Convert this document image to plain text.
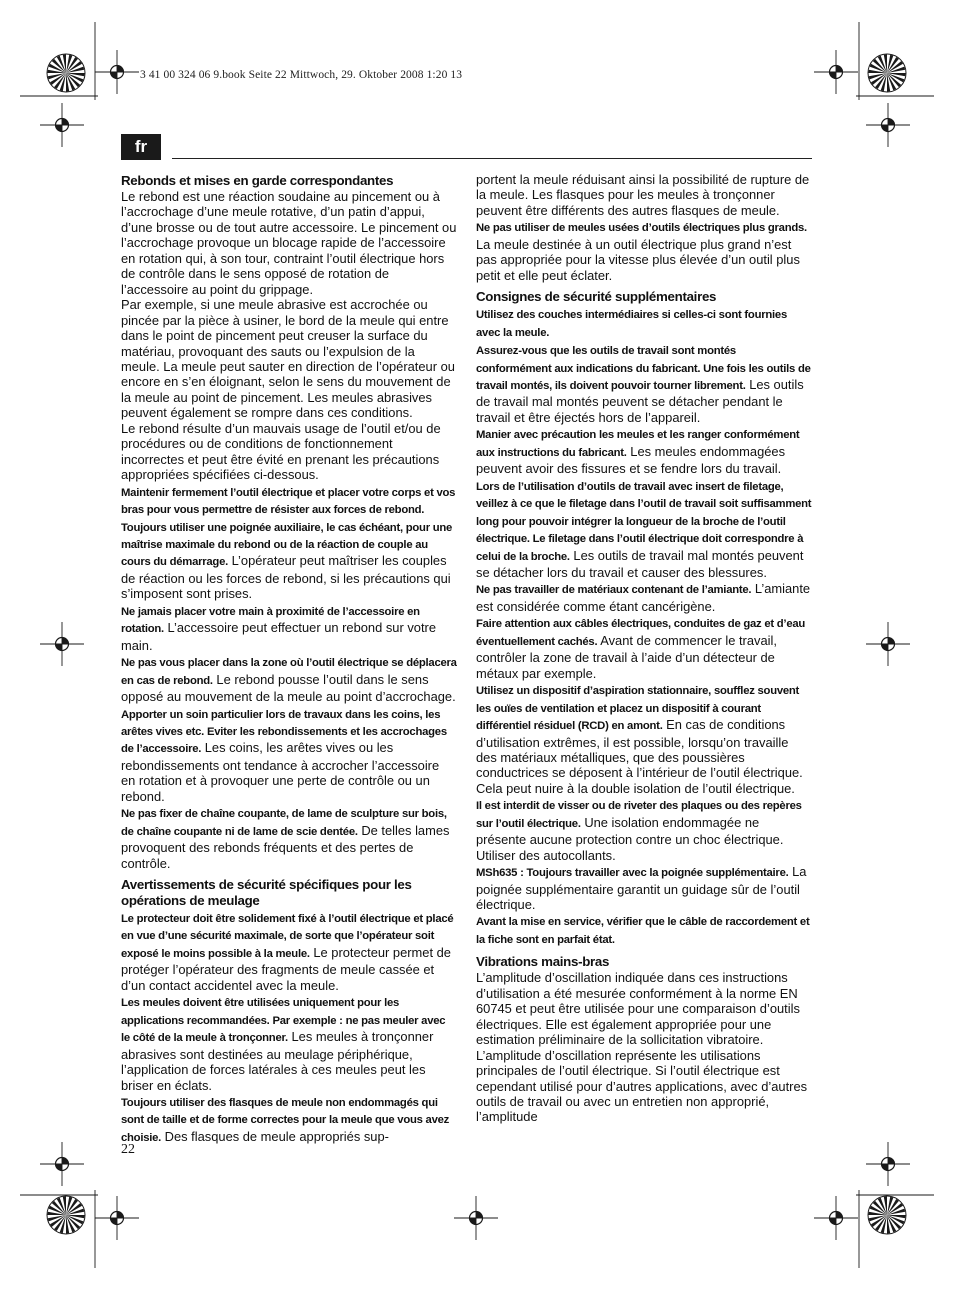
3 41 00 324 06 9.book Seite 22 Mittwoch, 29. Oktober 2008 1:20 13
fr
Rebonds et mises en garde correspondantes

Le rebond est une réaction soudaine au pincement ou à l’accrochage d’une meule rotative, d’un patin d’appui, d’une brosse ou de tout autre accessoire. Le pincement ou l’accrochage provoque un blocage rapide de l’accessoire en rotation qui, à son tour, contraint l’outil électrique hors de contrôle dans le sens opposé de rotation de l’accessoire au point du grippage.

Par exemple, si une meule abrasive est accrochée ou pincée par la pièce à usiner, le bord de la meule qui entre dans le point de pincement peut creuser la surface du matériau, provoquant des sauts ou l’expulsion de la meule. La meule peut sauter en direction de l’opérateur ou encore en s’en éloignant, selon le sens du mouvement de la meule au point de pincement. Les meules abrasives peuvent également se rompre dans ces conditions.

Le rebond résulte d’un mauvais usage de l’outil et/ou de procédures ou de conditions de fonctionnement incorrectes et peut être évité en prenant les précautions appropriées spécifiées ci-dessous.

Maintenir fermement l’outil électrique et placer votre corps et vos bras pour vous permettre de résister aux forces de rebond. Toujours utiliser une poignée auxiliaire, le cas échéant, pour une maîtrise maximale du rebond ou de la réaction de couple au cours du démarrage. L’opérateur peut maîtriser les couples de réaction ou les forces de rebond, si les précautions qui s’imposent sont prises.

Ne jamais placer votre main à proximité de l’accessoire en rotation. L’accessoire peut effectuer un rebond sur votre main.

Ne pas vous placer dans la zone où l’outil électrique se déplacera en cas de rebond. Le rebond pousse l’outil dans le sens opposé au mouvement de la meule au point d’accrochage.

Apporter un soin particulier lors de travaux dans les coins, les arêtes vives etc. Eviter les rebondissements et les accrochages de l’accessoire. Les coins, les arêtes vives ou les rebondissements ont tendance à accrocher l’accessoire en rotation et à provoquer une perte de contrôle ou un rebond.

Ne pas fixer de chaîne coupante, de lame de sculpture sur bois, de chaîne coupante ni de lame de scie dentée. De telles lames provoquent des rebonds fréquents et des pertes de contrôle.

Avertissements de sécurité spécifiques pour les opérations de meulage

Le protecteur doit être solidement fixé à l’outil électrique et placé en vue d’une sécurité maximale, de sorte que l’opérateur soit exposé le moins possible à la meule. Le protecteur permet de protéger l’opérateur des fragments de meule cassée et d’un contact accidentel avec la meule.

Les meules doivent être utilisées uniquement pour les applications recommandées. Par exemple : ne pas meuler avec le côté de la meule à tronçonner. Les meules à tronçonner abrasives sont destinées au meulage périphérique, l’application de forces latérales à ces meules peut les briser en éclats.

Toujours utiliser des flasques de meule non endommagés qui sont de taille et de forme correctes pour la meule que vous avez choisie. Des flasques de meule appropriés sup-

portent la meule réduisant ainsi la possibilité de rupture de la meule. Les flasques pour les meules à tronçonner peuvent être différents des autres flasques de meule.

Ne pas utiliser de meules usées d’outils électriques plus grands. La meule destinée à un outil électrique plus grand n’est pas appropriée pour la vitesse plus élevée d’un outil plus petit et elle peut éclater.

Consignes de sécurité supplémentaires

Utilisez des couches intermédiaires si celles-ci sont fournies avec la meule.

Assurez-vous que les outils de travail sont montés conformément aux indications du fabricant. Une fois les outils de travail montés, ils doivent pouvoir tourner librement. Les outils de travail mal montés peuvent se détacher pendant le travail et être éjectés hors de l’appareil.

Manier avec précaution les meules et les ranger conformément aux instructions du fabricant. Les meules endommagées peuvent avoir des fissures et se fendre lors du travail.

Lors de l’utilisation d’outils de travail avec insert de filetage, veillez à ce que le filetage dans l’outil de travail soit suffisamment long pour pouvoir intégrer la longueur de la broche de l’outil électrique. Le filetage dans l’outil électrique doit correspondre à celui de la broche. Les outils de travail mal montés peuvent se détacher lors du travail et causer des blessures.

Ne pas travailler de matériaux contenant de l’amiante. L’amiante est considérée comme étant cancérigène.

Faire attention aux câbles électriques, conduites de gaz et d’eau éventuellement cachés. Avant de commencer le travail, contrôler la zone de travail à l’aide d’un détecteur de métaux par exemple.

Utilisez un dispositif d’aspiration stationnaire, soufflez souvent les ouïes de ventilation et placez un dispositif à courant différentiel résiduel (RCD) en amont. En cas de conditions d’utilisation extrêmes, il est possible, lorsqu’on travaille des matériaux métalliques, que des poussières conductrices se déposent à l’intérieur de l’outil électrique. Cela peut nuire à la double isolation de l’outil électrique.

Il est interdit de visser ou de riveter des plaques ou des repères sur l’outil électrique. Une isolation endommagée ne présente aucune protection contre un choc électrique. Utiliser des autocollants.

MSh635 : Toujours travailler avec la poignée supplémentaire. La poignée supplémentaire garantit un guidage sûr de l’outil électrique.

Avant la mise en service, vérifier que le câble de raccordement et la fiche sont en parfait état.

Vibrations mains-bras

L’amplitude d’oscillation indiquée dans ces instructions d’utilisation a été mesurée conformément à la norme EN 60745 et peut être utilisée pour une comparaison d’outils électriques. Elle est également appropriée pour une estimation préliminaire de la sollicitation vibratoire.

L’amplitude d’oscillation représente les utilisations principales de l’outil électrique. Si l’outil électrique est cependant utilisé pour d’autres applications, avec d’autres outils de travail ou avec un entretien non approprié, l’amplitude

22
